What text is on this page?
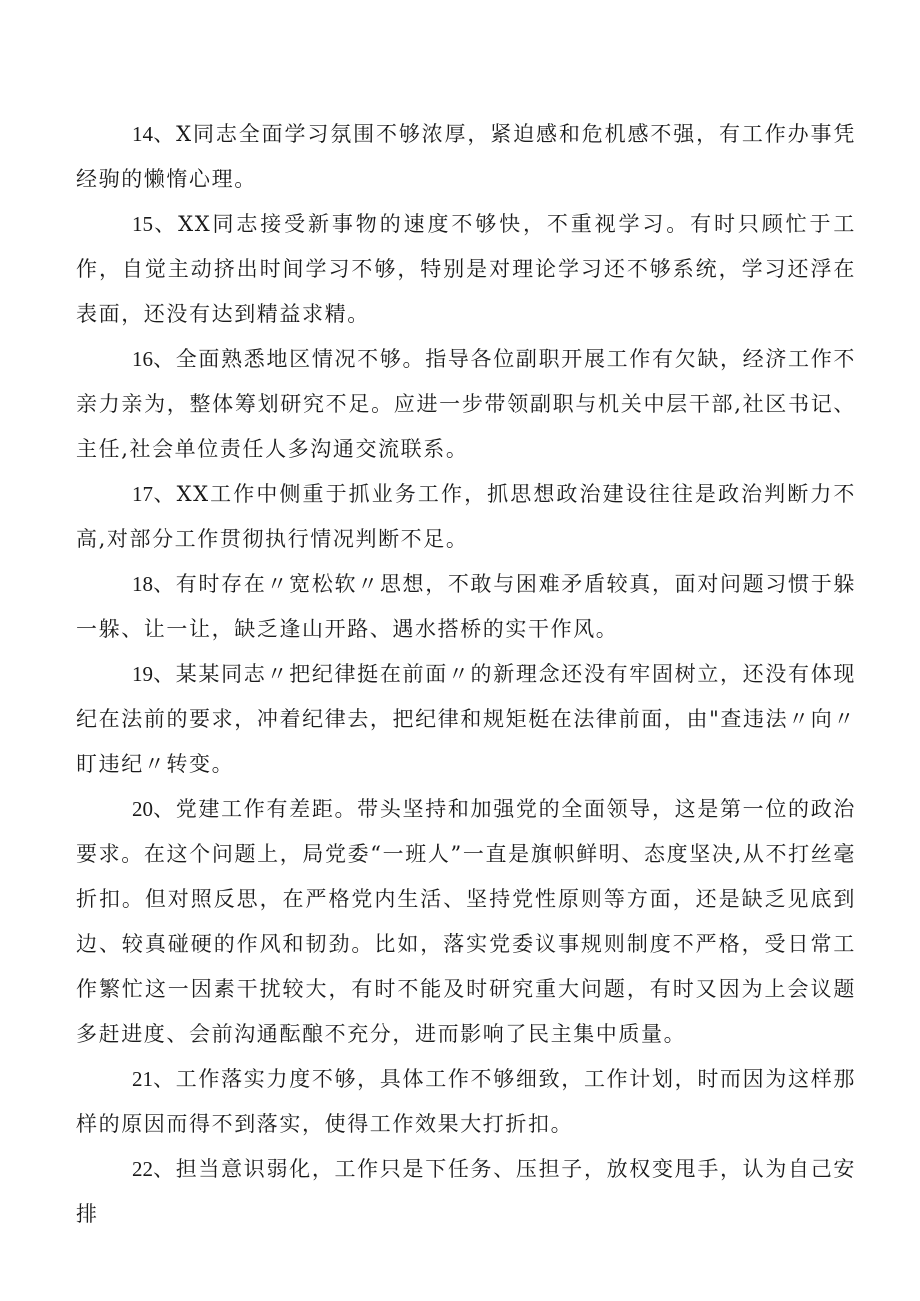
14、X同志全面学习氛围不够浓厚，紧迫感和危机感不强，有工作办事凭经驹的懒惰心理。

15、XX同志接受新事物的速度不够快，不重视学习。有时只顾忙于工作，自觉主动挤出时间学习不够，特别是对理论学习还不够系统，学习还浮在表面，还没有达到精益求精。

16、全面熟悉地区情况不够。指导各位副职开展工作有欠缺，经济工作不亲力亲为，整体筹划研究不足。应进一步带领副职与机关中层干部,社区书记、主任,社会单位责任人多沟通交流联系。

17、XX工作中侧重于抓业务工作，抓思想政治建设往往是政治判断力不高,对部分工作贯彻执行情况判断不足。

18、有时存在〃宽松软〃思想，不敢与困难矛盾较真，面对问题习惯于躲一躲、让一让，缺乏逢山开路、遇水搭桥的实干作风。

19、某某同志〃把纪律挺在前面〃的新理念还没有牢固树立，还没有体现纪在法前的要求，冲着纪律去，把纪律和规矩梃在法律前面，由"查违法〃向〃盯违纪〃转变。

20、党建工作有差距。带头坚持和加强党的全面领导，这是第一位的政治要求。在这个问题上，局党委“一班人”一直是旗帜鲜明、态度坚决,从不打丝毫折扣。但对照反思，在严格党内生活、坚持党性原则等方面，还是缺乏见底到边、较真碰硬的作风和韧劲。比如，落实党委议事规则制度不严格，受日常工作繁忙这一因素干扰较大，有时不能及时研究重大问题，有时又因为上会议题多赶进度、会前沟通酝酿不充分，进而影响了民主集中质量。

21、工作落实力度不够，具体工作不够细致，工作计划，时而因为这样那样的原因而得不到落实，使得工作效果大打折扣。

22、担当意识弱化，工作只是下任务、压担子，放权变甩手，认为自己安排
